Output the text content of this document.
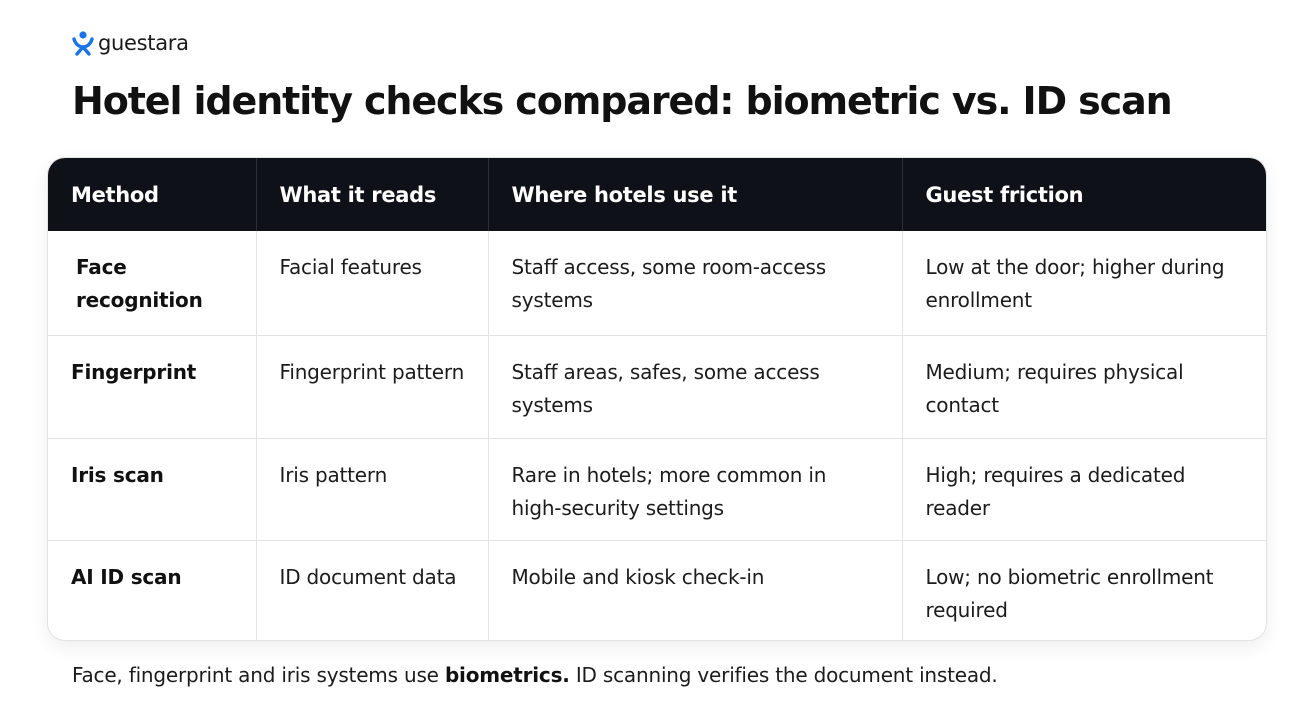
guestara
Hotel identity checks compared: biometric vs. ID scan
Method	What it reads	Where hotels use it	Guest friction
Face recognition	Facial features	Staff access, some room-access systems	Low at the door; higher during enrollment
Fingerprint	Fingerprint pattern	Staff areas, safes, some access systems	Medium; requires physical contact
Iris scan	Iris pattern	Rare in hotels; more common in high-security settings	High; requires a dedicated reader
AI ID scan	ID document data	Mobile and kiosk check-in	Low; no biometric enrollment required

Face, fingerprint and iris systems use biometrics. ID scanning verifies the document instead.
